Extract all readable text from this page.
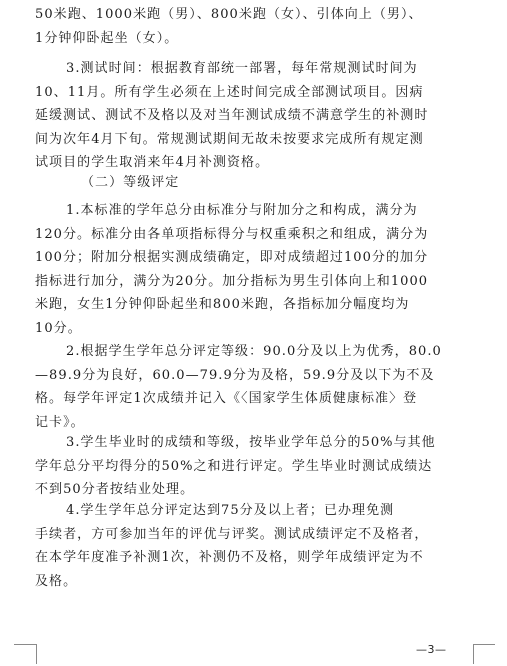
50米跑、1000米跑（男）、800米跑（女）、引体向上（男）、
1分钟仰卧起坐（女）。
3.测试时间：根据教育部统一部署，每年常规测试时间为
10、11月。所有学生必须在上述时间完成全部测试项目。因病
延缓测试、测试不及格以及对当年测试成绩不满意学生的补测时
间为次年4月下旬。常规测试期间无故未按要求完成所有规定测
试项目的学生取消来年4月补测资格。
（二）等级评定
1.本标准的学年总分由标准分与附加分之和构成，满分为
120分。标准分由各单项指标得分与权重乘积之和组成，满分为
100分；附加分根据实测成绩确定，即对成绩超过100分的加分
指标进行加分，满分为20分。加分指标为男生引体向上和1000
米跑，女生1分钟仰卧起坐和800米跑，各指标加分幅度均为
10分。
2.根据学生学年总分评定等级：90.0分及以上为优秀，80.0
—89.9分为良好，60.0—79.9分为及格，59.9分及以下为不及
格。每学年评定1次成绩并记入《〈国家学生体质健康标准〉登
记卡》。
3.学生毕业时的成绩和等级，按毕业学年总分的50%与其他
学年总分平均得分的50%之和进行评定。学生毕业时测试成绩达
不到50分者按结业处理。
4.学生学年总分评定达到75分及以上者；已办理免测
手续者，方可参加当年的评优与评奖。测试成绩评定不及格者，
在本学年度准予补测1次，补测仍不及格，则学年成绩评定为不
及格。
—3—
